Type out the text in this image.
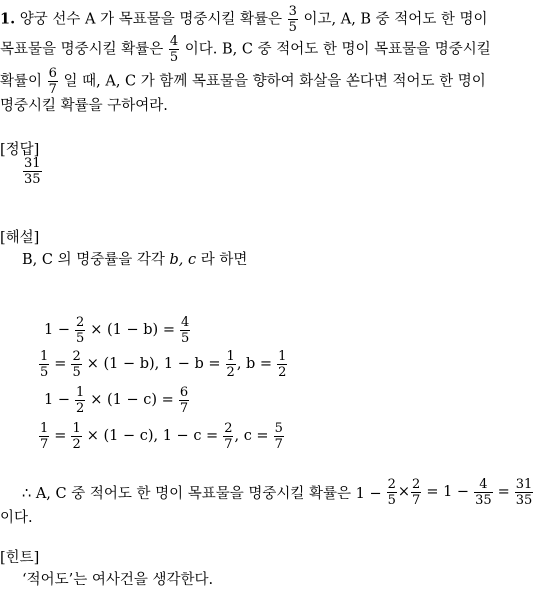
1. 양궁 선수 A 가 목표물을 명중시킬 확률은 $\frac{3}{5}$ 이고, A, B 중 적어도 한 명이
목표물을 명중시킬 확률은 $\frac{4}{5}$ 이다. B, C 중 적어도 한 명이 목표물을 명중시킬
확률이 $\frac{6}{7}$ 일 때, A, C 가 함께 목표물을 향하여 화살을 쏜다면 적어도 한 명이
명중시킬 확률을 구하여라.
[정답]
$\frac{31}{35}$
[해설]
B, C 의 명중률을 각각 b, c 라 하면
$1 - \frac{2}{5} \times (1 - b) = \frac{4}{5}$
$\frac{1}{5} = \frac{2}{5} \times (1 - b)$, $1 - b = \frac{1}{2}$ , $b = \frac{1}{2}$
$1 - \frac{1}{2} \times (1 - c) = \frac{6}{7}$
$\frac{1}{7} = \frac{1}{2} \times (1 - c)$, $1 - c = \frac{2}{7}$ , $c = \frac{5}{7}$
∴ A, C 중 적어도 한 명이 목표물을 명중시킬 확률은 $1 - \frac{2}{5} \times \frac{2}{7} = 1 - \frac{4}{35} = \frac{31}{35}$
이다.
[힌트]
‘적어도’는 여사건을 생각한다.
